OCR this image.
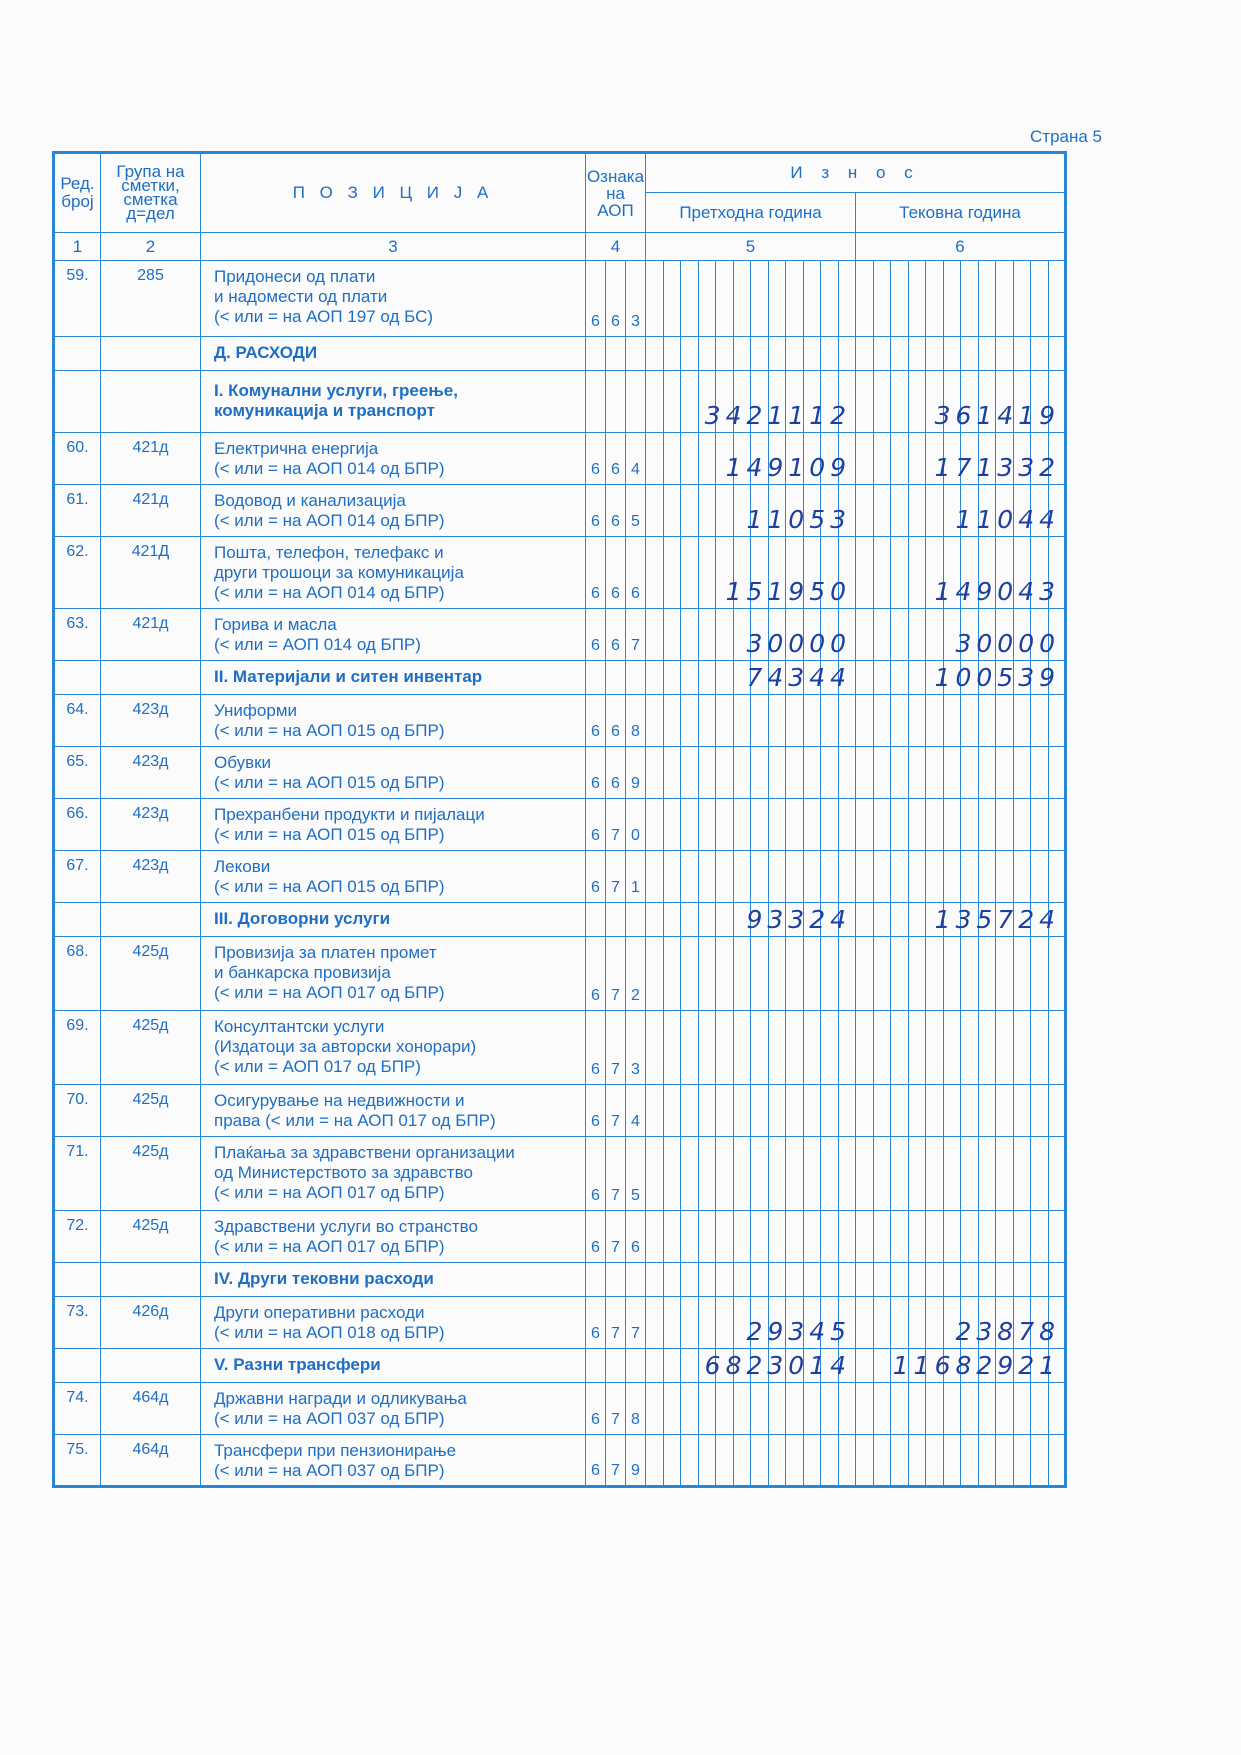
Страна 5
Ред. број	Група на сметки, сметка д=дел	П О З И Ц И Ј А	Ознака на АОП			И з н о с																							
						Претходна година												Тековна година											
1	2	3	4			5												6											
59.	285	Придонеси од плати
и надомести од плати
(< или = на АОП 197 од БС)	6	6	3												

		Д. РАСХОДИ															

		I. Комунални услуги, греење,
комуникација и транспорт															3421112												361419

60.	421д	Електрична енергија
(< или = на АОП 014 од БПР)	6	6	4												149109												171332

61.	421д	Водовод и канализација
(< или = на АОП 014 од БПР)	6	6	5												11053												11044

62.	421Д	Пошта, телефон, телефакс и
други трошоци за комуникација
(< или = на АОП 014 од БПР)	6	6	6												151950												149043

63.	421д	Горива и масла
(< или = АОП 014 од БПР)	6	6	7												30000												30000

		II. Материјали и ситен инвентар															74344												100539

64.	423д	Униформи
(< или = на АОП 015 од БПР)	6	6	8												

65.	423д	Обувки
(< или = на АОП 015 од БПР)	6	6	9												

66.	423д	Прехранбени продукти и пијалаци
(< или = на АОП 015 од БПР)	6	7	0												

67.	423д	Лекови
(< или = на АОП 015 од БПР)	6	7	1												

		III. Договорни услуги															93324												135724

68.	425д	Провизија за платен промет
и банкарска провизија
(< или = на АОП 017 од БПР)	6	7	2												

69.	425д	Консултантски услуги
(Издатоци за авторски хонорари)
(< или = АОП 017 од БПР)	6	7	3												

70.	425д	Осигурување на недвижности и
права (< или = на АОП 017 од БПР)	6	7	4												

71.	425д	Плаќања за здравствени организации
од Министерството за здравство
(< или = на АОП 017 од БПР)	6	7	5												

72.	425д	Здравствени услуги во странство
(< или = на АОП 017 од БПР)	6	7	6												

		IV. Други тековни расходи															

73.	426д	Други оперативни расходи
(< или = на АОП 018 од БПР)	6	7	7												29345												23878

		V. Разни трансфери															6823014												11682921

74.	464д	Државни награди и одликувања
(< или = на АОП 037 од БПР)	6	7	8												

75.	464д	Трансфери при пензионирање
(< или = на АОП 037 од БПР)	6	7	9												
